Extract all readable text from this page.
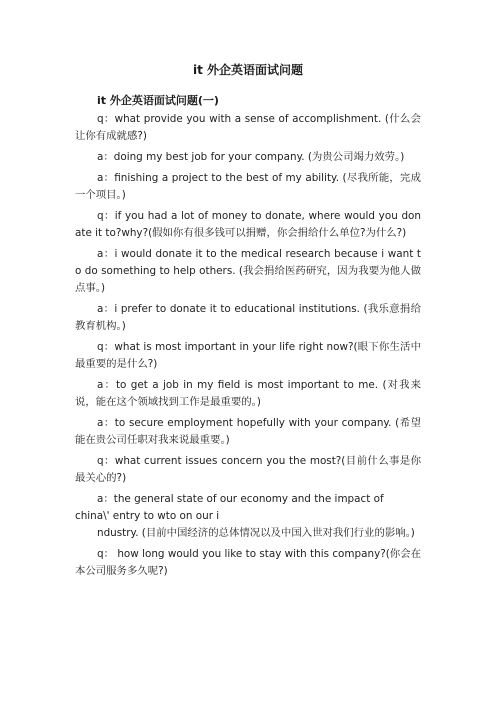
it 外企英语面试问题
it 外企英语面试问题(一)

q：what provide you with a sense of accomplishment. (什么会让你有成就感?)

a：doing my best job for your company. (为贵公司竭力效劳。)

a：finishing a project to the best of my ability. (尽我所能，完成一个项目。)

q：if you had a lot of money to donate, where would you donate it to?why?(假如你有很多钱可以捐赠，你会捐给什么单位?为什么?)

a：i would donate it to the medical research because i want to do something to help others. (我会捐给医药研究，因为我要为他人做点事。)

a：i prefer to donate it to educational institutions. (我乐意捐给教育机构。)

q：what is most important in your life right now?(眼下你生活中最重要的是什么?)

a：to get a job in my field is most important to me. (对我来说，能在这个领域找到工作是最重要的。)

a：to secure employment hopefully with your company. (希望能在贵公司任职对我来说最重要。)

q：what current issues concern you the most?(目前什么事是你最关心的?)

a：the general state of our economy and the impact of china\' entry to wto on our i

ndustry. (目前中国经济的总体情况以及中国入世对我们行业的影响。)

q： how long would you like to stay with this company?(你会在本公司服务多久呢?)
